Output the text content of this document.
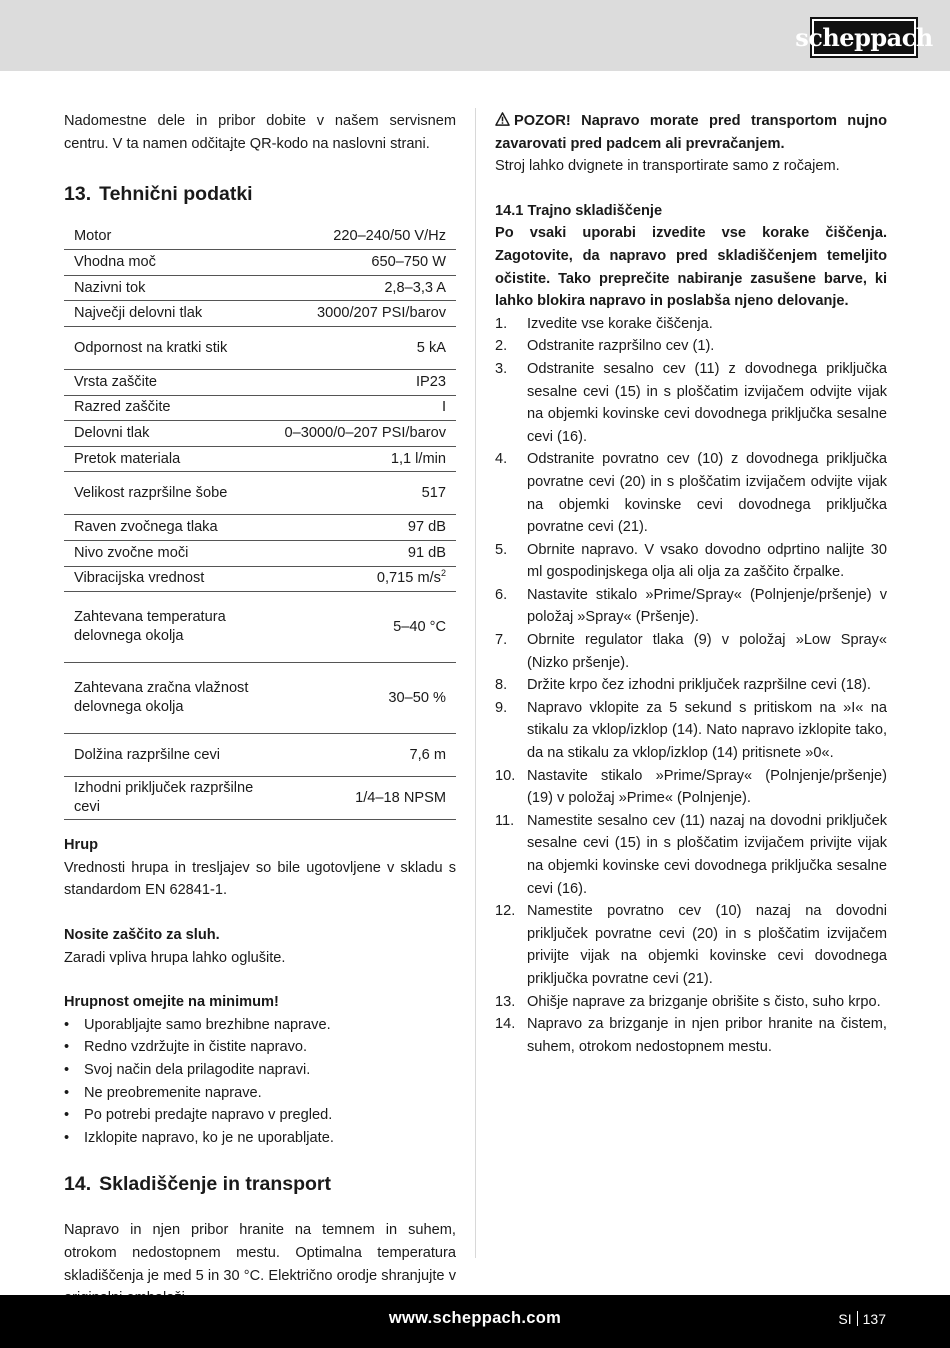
scheppach

Nadomestne dele in pribor dobite v našem servisnem centru. V ta namen odčitajte QR-kodo na naslovni strani.

13. Tehnični podatki
Motor	220–240/50 V/Hz
Vhodna moč	650–750 W
Nazivni tok	2,8–3,3 A
Največji delovni tlak	3000/207 PSI/barov
Odpornost na kratki stik	5 kA
Vrsta zaščite	IP23
Razred zaščite	I
Delovni tlak	0–3000/0–207 PSI/barov
Pretok materiala	1,1 l/min
Velikost razpršilne šobe	517
Raven zvočnega tlaka	97 dB
Nivo zvočne moči	91 dB
Vibracijska vrednost	0,715 $m/s^2$
Zahtevana temperatura delovnega okolja	5–40 °C
Zahtevana zračna vlažnost delovnega okolja	30–50 %
Dolžina razpršilne cevi	7,6 m
Izhodni priključek razpršilne cevi	1/4–18 NPSM

Hrup

Vrednosti hrupa in tresljajev so bile ugotovljene v skladu s standardom EN 62841-1.

Nosite zaščito za sluh.

Zaradi vpliva hrupa lahko oglušite.

Hrupnost omejite na minimum!

• Uporabljajte samo brezhibne naprave.
• Redno vzdržujte in čistite napravo.
• Svoj način dela prilagodite napravi.
• Ne preobremenite naprave.
• Po potrebi predajte napravo v pregled.
• Izklopite napravo, ko je ne uporabljate.
14. Skladiščenje in transport

Napravo in njen pribor hranite na temnem in suhem, otrokom nedostopnem mestu. Optimalna temperatura skladiščenja je med 5 in 30 °C. Električno orodje shranjujte v

POZOR! Napravo morate pred transportom nujno zavarovati pred padcem ali prevračanjem.

Stroj lahko dvignete in transportirate samo z ročajem.

14.1 Trajno skladiščenje

Po vsaki uporabi izvedite vse korake čiščenja. Zagotovite, da napravo pred skladiščenjem temeljito očistite. Tako preprečite nabiranje zasušene barve, ki lahko blokira napravo in poslabša njeno delovanje.

1.	Izvedite vse korake čiščenja.
2.	Odstranite razpršilno cev (1).
3.	Odstranite sesalno cev (11) z dovodnega priključka sesalne cevi (15) in s ploščatim izvijačem odvijte vijak na objemki kovinske cevi dovodnega priključka sesalne cevi (16).
4.	Odstranite povratno cev (10) z dovodnega priključka povratne cevi (20) in s ploščatim izvijačem odvijte vijak na objemki kovinske cevi dovodnega priključka povratne cevi (21).
5.	Obrnite napravo. V vsako dovodno odprtino nalijte 30 ml gospodinjskega olja ali olja za zaščito črpalke.
6.	Nastavite stikalo »Prime/Spray« (Polnjenje/pršenje) v položaj »Spray« (Pršenje).
7.	Obrnite regulator tlaka (9) v položaj »Low Spray« (Nizko pršenje).
8.	Držite krpo čez izhodni priključek razpršilne cevi (18).
9.	Napravo vklopite za 5 sekund s pritiskom na »I« na stikalu za vklop/izklop (14). Nato napravo izklopite tako, da na stikalu za vklop/izklop (14) pritisnete »0«.
10. Nastavite stikalo »Prime/Spray« (Polnjenje/pršenje) (19) v položaj »Prime« (Polnjenje).
11. Namestite sesalno cev (11) nazaj na dovodni priključek sesalne cevi (15) in s ploščatim izvijačem privijte vijak na objemki kovinske cevi dovodnega priključka sesalne cevi (16).
12. Namestite povratno cev (10) nazaj na dovodni priključek povratne cevi (20) in s ploščatim izvijačem privijte vijak na objemki kovinske cevi dovodnega priključka povratne cevi (21).
13. Ohišje naprave za brizganje obrišite s čisto, suho krpo.
14. Napravo za brizganje in njen pribor hranite na čistem, suhem, otrokom nedostopnem mestu.
www.scheppach.com	SI 137
